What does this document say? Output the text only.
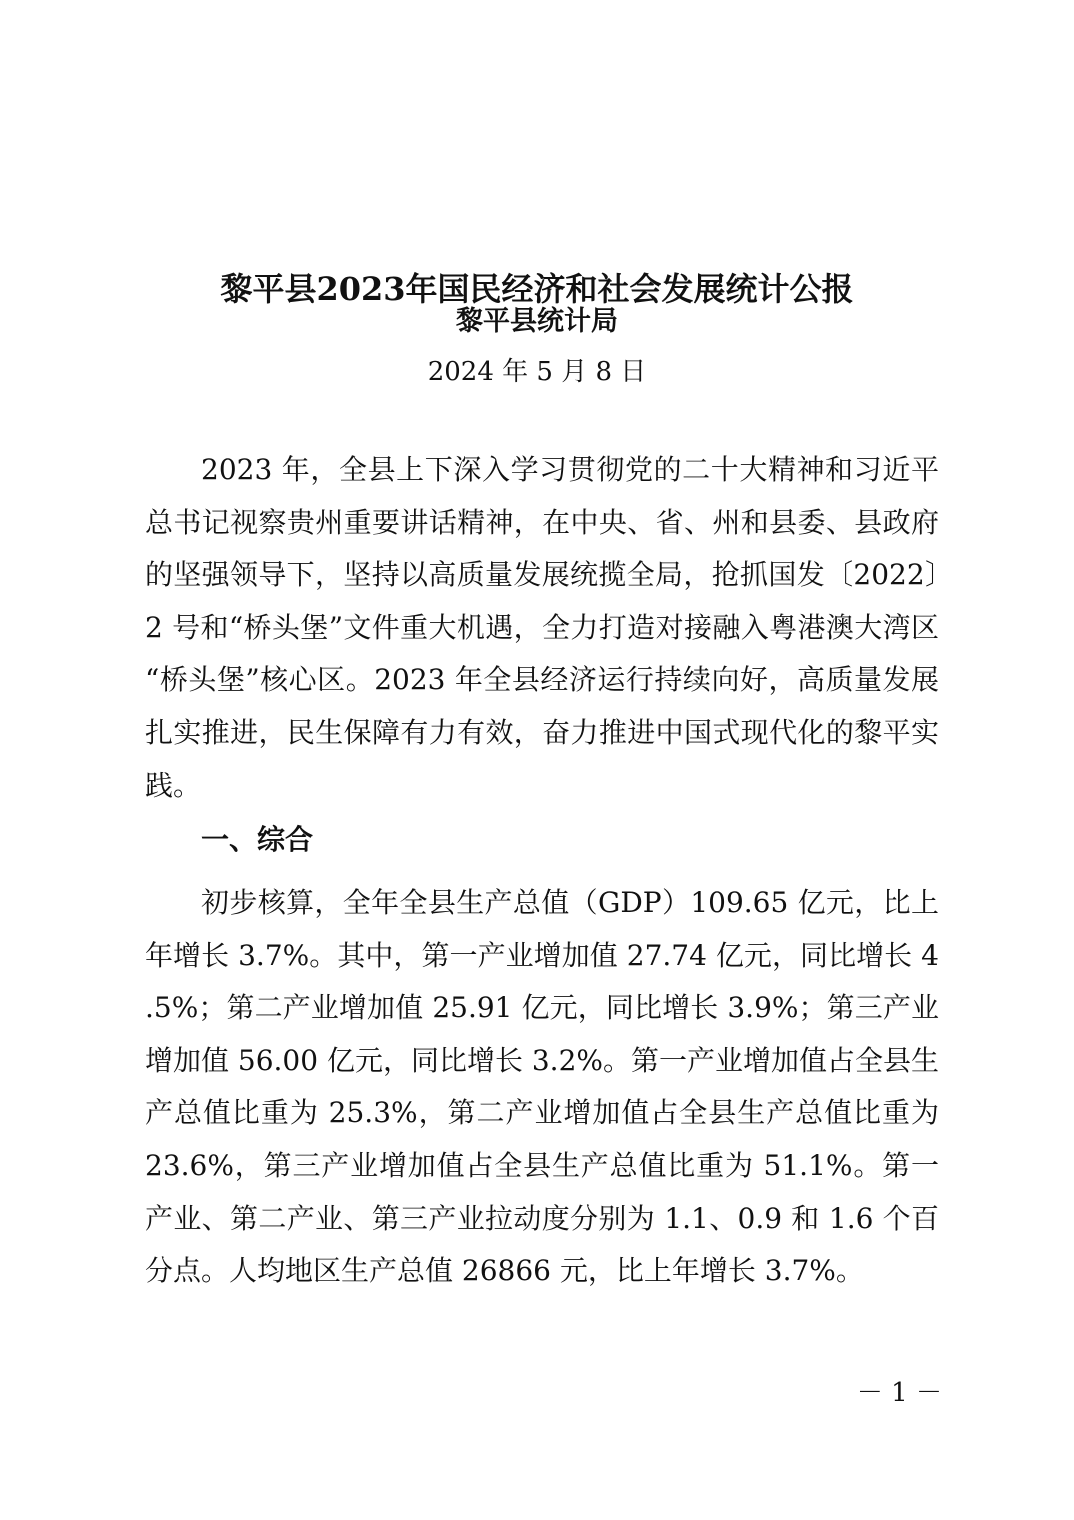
黎平县2023年国民经济和社会发展统计公报
黎平县统计局
2024 年 5 月 8 日

2023 年，全县上下深入学习贯彻党的二十大精神和习近平总书记视察贵州重要讲话精神，在中央、省、州和县委、县政府的坚强领导下，坚持以高质量发展统揽全局，抢抓国发〔2022〕2 号和“桥头堡”文件重大机遇，全力打造对接融入粤港澳大湾区“桥头堡”核心区。2023 年全县经济运行持续向好，高质量发展扎实推进，民生保障有力有效，奋力推进中国式现代化的黎平实践。

一、综合

初步核算，全年全县生产总值（GDP）109.65 亿元，比上年增长 3.7%。其中，第一产业增加值 27.74 亿元，同比增长 4.5%；第二产业增加值 25.91 亿元，同比增长 3.9%；第三产业增加值 56.00 亿元，同比增长 3.2%。第一产业增加值占全县生产总值比重为 25.3%，第二产业增加值占全县生产总值比重为 23.6%，第三产业增加值占全县生产总值比重为 51.1%。第一产业、第二产业、第三产业拉动度分别为 1.1、0.9 和 1.6 个百分点。人均地区生产总值 26866 元，比上年增长 3.7%。

－ 1 －
